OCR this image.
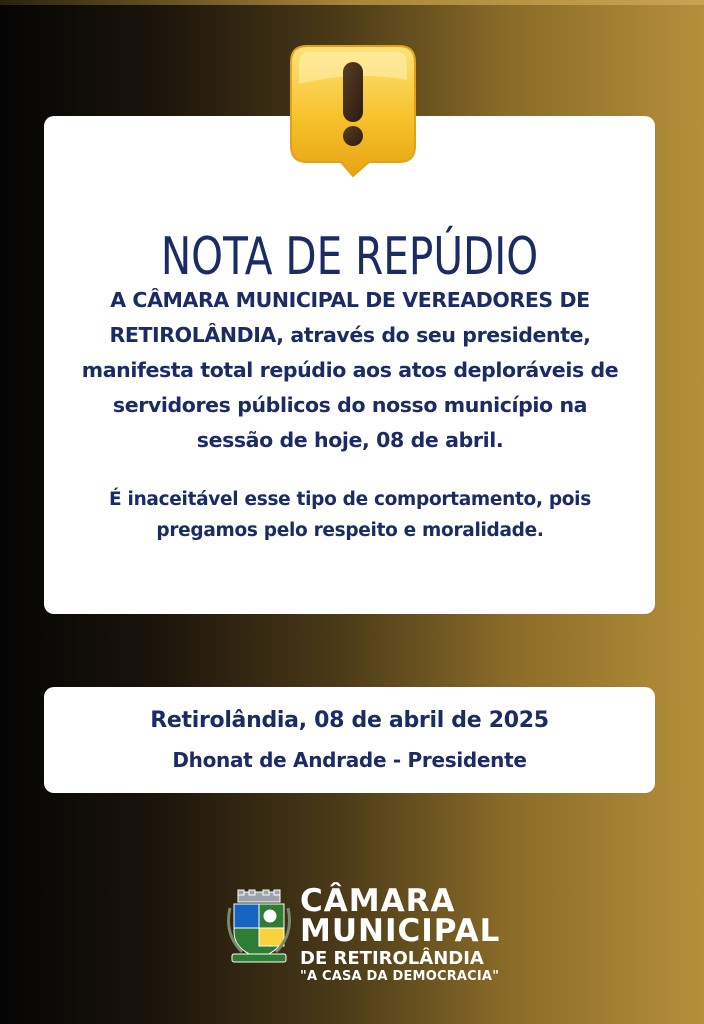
NOTA DE REPÚDIO

A CÂMARA MUNICIPAL DE VEREADORES DE
RETIROLÂNDIA, através do seu presidente,
manifesta total repúdio aos atos deploráveis de
servidores públicos do nosso município na
sessão de hoje, 08 de abril.

É inaceitável esse tipo de comportamento, pois
pregamos pelo respeito e moralidade.

Retirolândia, 08 de abril de 2025

Dhonat de Andrade - Presidente

CÂMARA
MUNICIPAL
DE RETIROLÂNDIA
"A CASA DA DEMOCRACIA"
